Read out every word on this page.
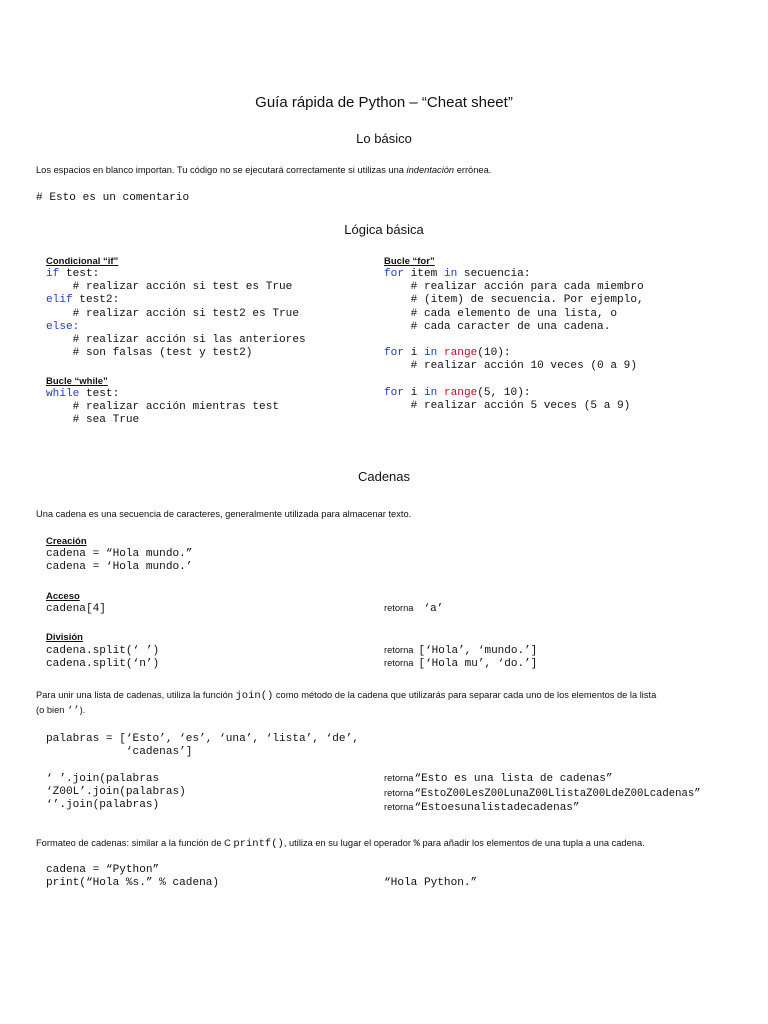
Guía rápida de Python – “Cheat sheet”
Lo básico
Los espacios en blanco importan. Tu código no se ejecutará correctamente si utilizas una indentación errónea.
# Esto es un comentario
Lógica básica
Condicional “if”
if test:
# realizar acción si test es True
elif test2:
# realizar acción si test2 es True
else:
# realizar acción si las anteriores
# son falsas (test y test2)
Bucle “while”
while test:
# realizar acción mientras test
# sea True
Bucle “for”
for item in secuencia:
# realizar acción para cada miembro
# (item) de secuencia. Por ejemplo,
# cada elemento de una lista, o
# cada caracter de una cadena.
for i in range(10):
# realizar acción 10 veces (0 a 9)
for i in range(5, 10):
# realizar acción 5 veces (5 a 9)
Cadenas
Una cadena es una secuencia de caracteres, generalmente utilizada para almacenar texto.
Creación
cadena = “Hola mundo.”
cadena = ‘Hola mundo.’
Acceso
cadena[4]	retorna ‘a’
División
cadena.split(‘ ’)
cadena.split(‘n’)
retorna [‘Hola’, ‘mundo.’]
retorna [‘Hola mu’, ‘do.’]
Para unir una lista de cadenas, utiliza la función join() como método de la cadena que utilizarás para separar cada uno de los elementos de la lista
(o bien ‘’).
palabras = [‘Esto’, ‘es’, ‘una’, ‘lista’, ‘de’,
‘cadenas’]
‘ ’.join(palabras
‘Z00L’.join(palabras)
‘’.join(palabras)
retorna “Esto es una lista de cadenas”
retorna “EstoZ00LesZ00LunaZ00LlistaZ00LdeZ00Lcadenas”
retorna “Estoesunalistadecadenas”
Formateo de cadenas: similar a la función de C printf(), utiliza en su lugar el operador % para añadir los elementos de una tupla a una cadena.
cadena = “Python”
print(“Hola %s.” % cadena)	“Hola Python.”
